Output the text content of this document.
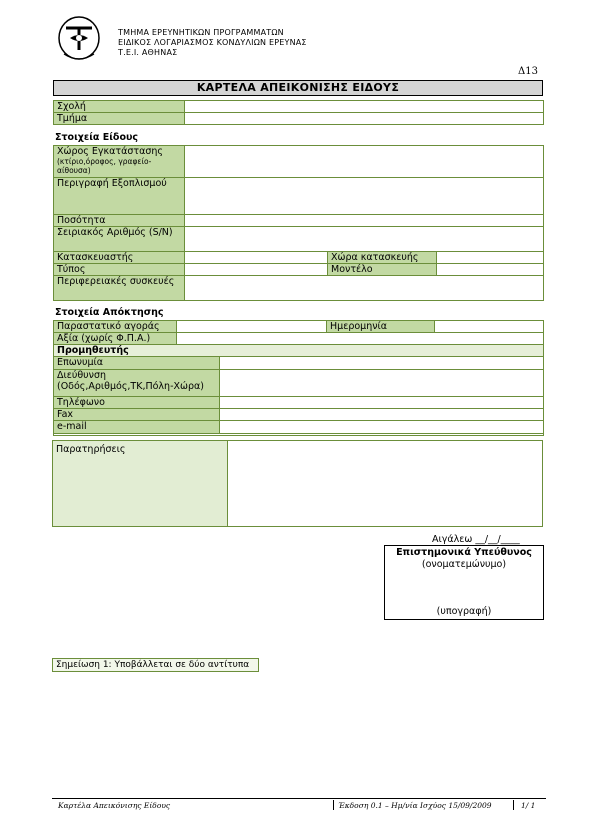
ΤΜΗΜΑ ΕΡΕΥΝΗΤΙΚΩΝ ΠΡΟΓΡΑΜΜΑΤΩΝ
ΕΙΔΙΚΟΣ ΛΟΓΑΡΙΑΣΜΟΣ ΚΟΝΔΥΛΙΩΝ ΕΡΕΥΝΑΣ
Τ.Ε.Ι. ΑΘΗΝΑΣ
Δ13
ΚΑΡΤΕΛΑ ΑΠΕΙΚΟΝΙΣΗΣ ΕΙΔΟΥΣ
Σχολή
Τμήμα
Στοιχεία Είδους
Χώρος Εγκατάστασης
(κτίριο,όροφος, γραφείο-αίθουσα)
Περιγραφή Εξοπλισμού
Ποσότητα
Σειριακός Αριθμός (S/N)
Κατασκευαστής	Χώρα κατασκευής
Τύπος	Μοντέλο
Περιφερειακές συσκευές
Στοιχεία Απόκτησης
Παραστατικό αγοράς	Ημερομηνία
Αξία (χωρίς Φ.Π.Α.)
Προμηθευτής
Επωνυμία
Διεύθυνση
(Οδός,Αριθμός,ΤΚ,Πόλη-Χώρα)
Τηλέφωνο
Fax
e-mail
Παρατηρήσεις
Αιγάλεω __/__/____
Επιστημονικά Υπεύθυνος
(ονοματεμώνυμο)
(υπογραφή)
Σημείωση 1: Υποβάλλεται σε δύο αντίτυπα
Καρτέλα Απεικόνισης Είδους	Έκδοση 0.1 – Ημ/νία Ισχύος 15/09/2009	1/ 1
